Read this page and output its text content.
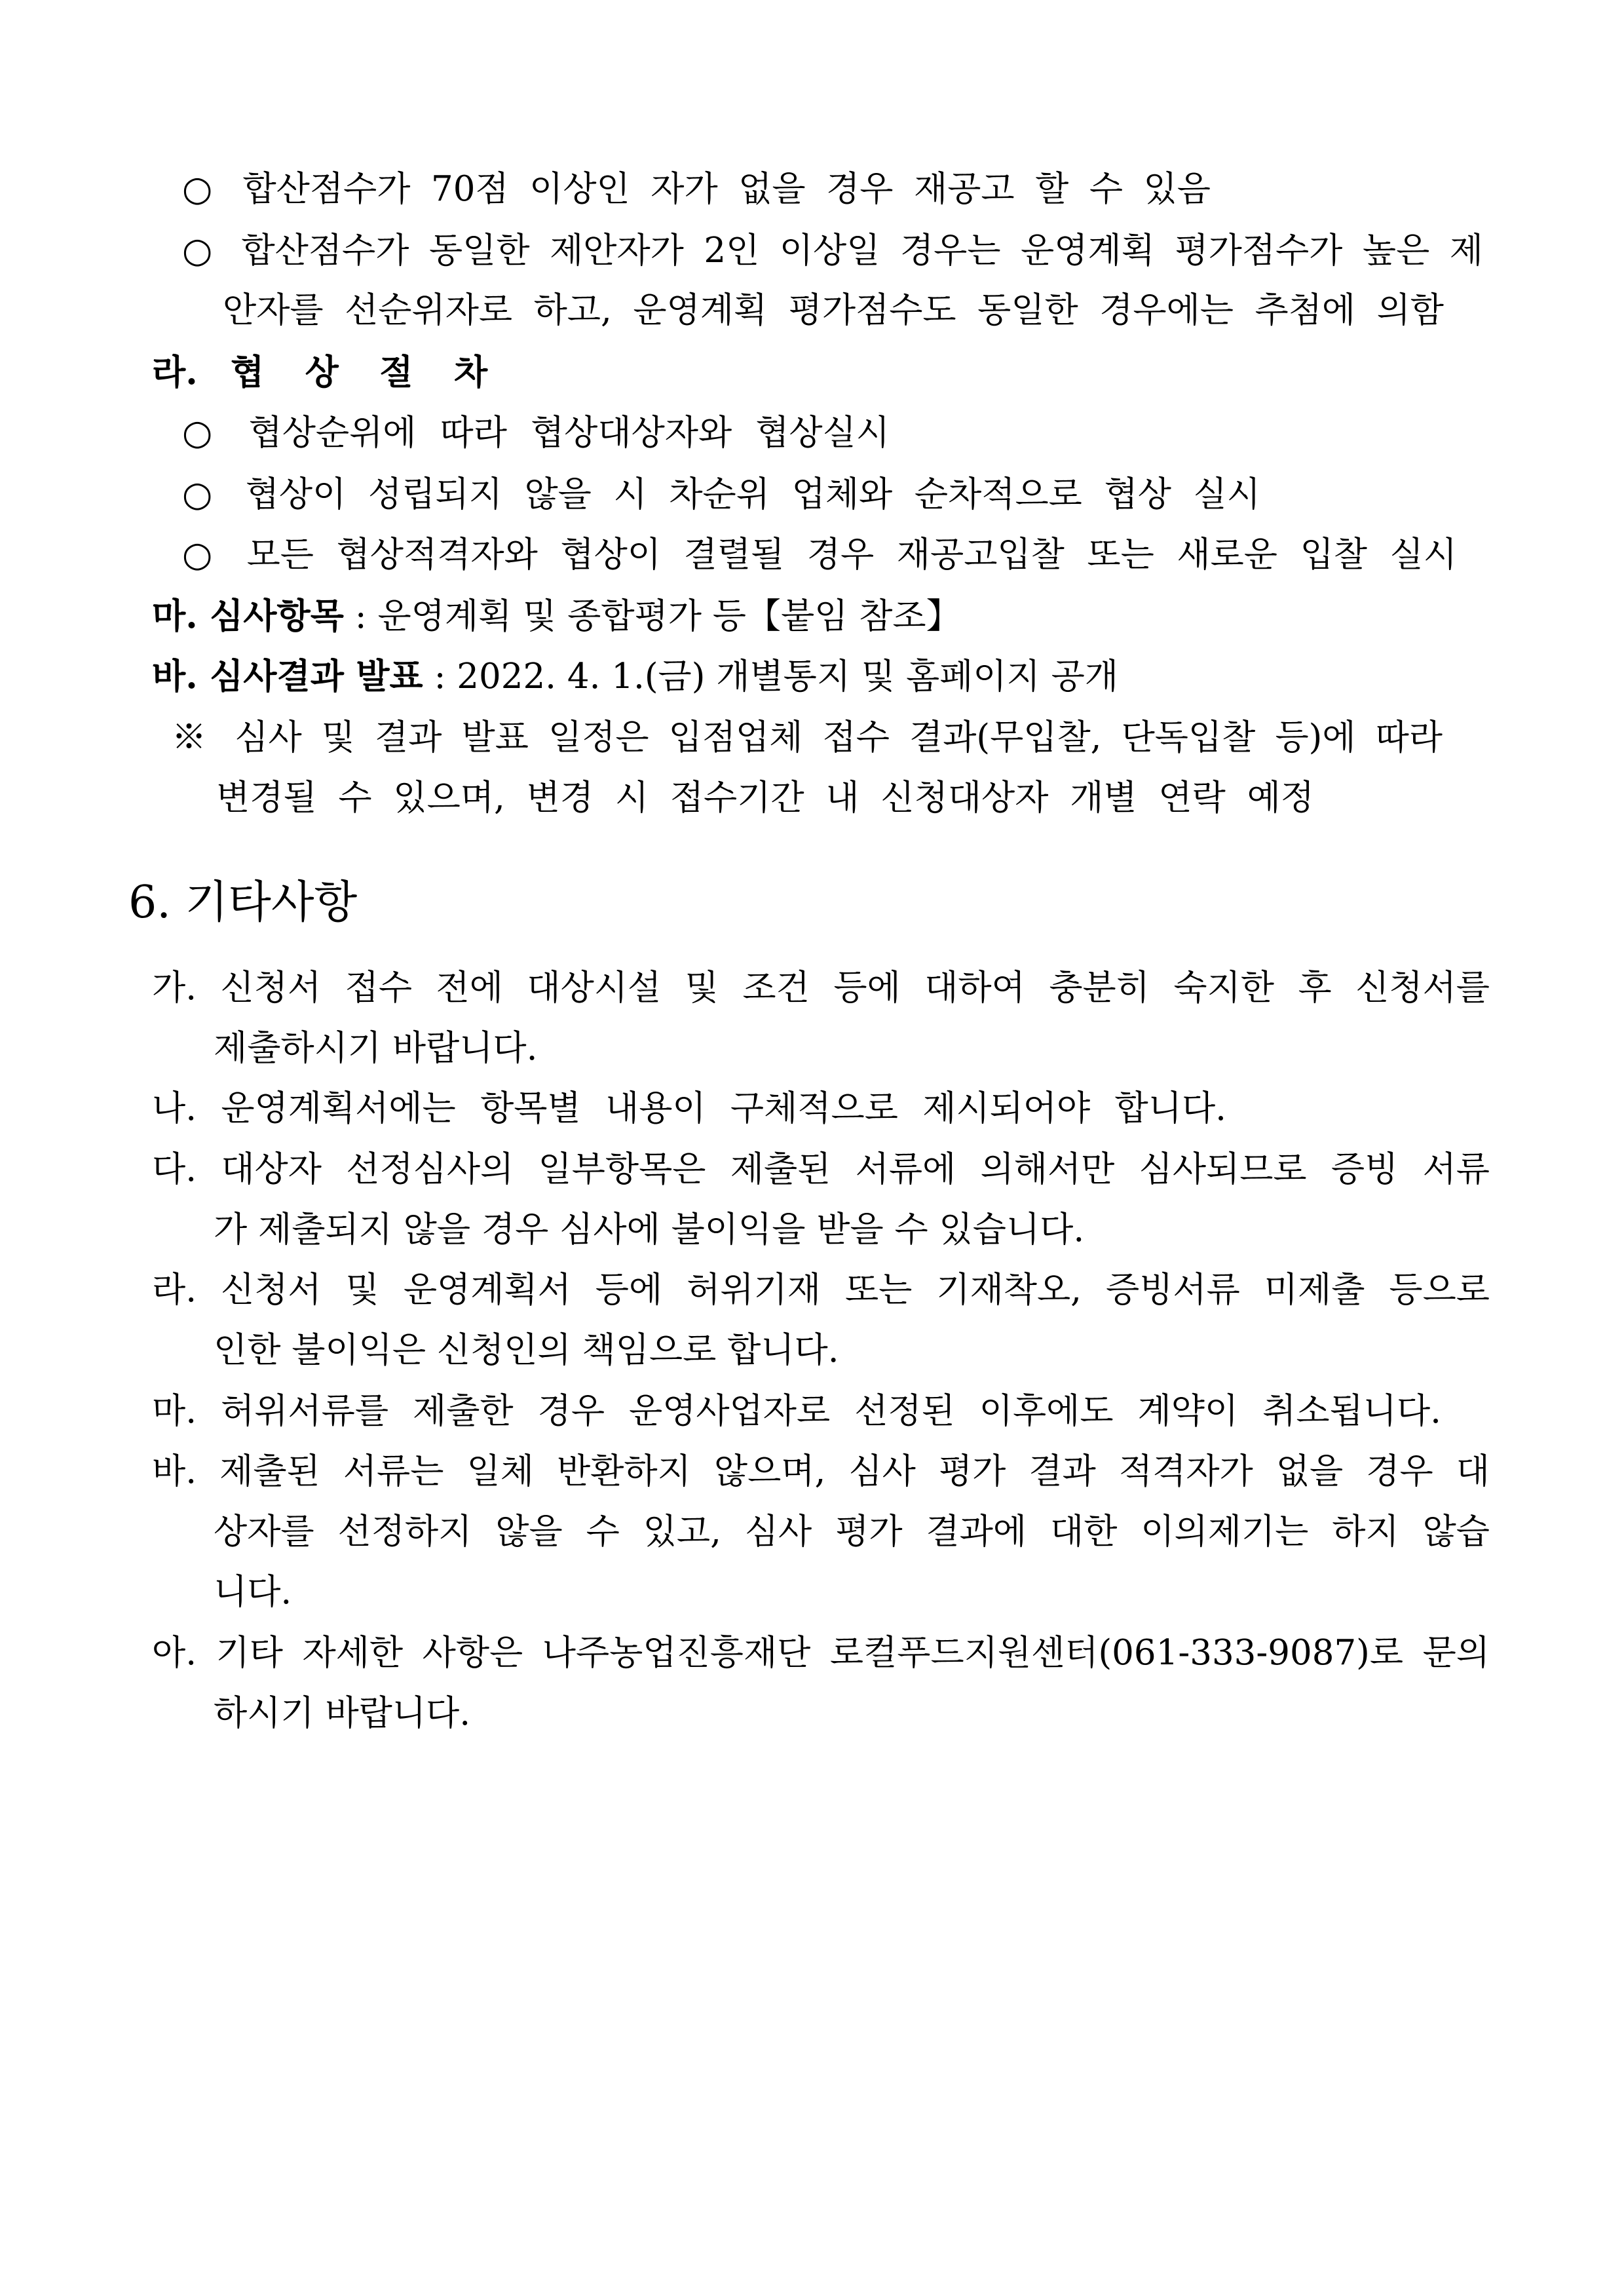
○ 합산점수가 70점 이상인 자가 없을 경우 재공고 할 수 있음
○ 합산점수가 동일한 제안자가 2인 이상일 경우는 운영계획 평가점수가 높은 제
안자를 선순위자로 하고, 운영계획 평가점수도 동일한 경우에는 추첨에 의함
라. 협 상 절 차
○ 협상순위에 따라 협상대상자와 협상실시
○ 협상이 성립되지 않을 시 차순위 업체와 순차적으로 협상 실시
○ 모든 협상적격자와 협상이 결렬될 경우 재공고입찰 또는 새로운 입찰 실시
마. 심사항목 : 운영계획 및 종합평가 등【붙임 참조】
바. 심사결과 발표 : 2022. 4. 1.(금) 개별통지 및 홈페이지 공개
※ 심사 및 결과 발표 일정은 입점업체 접수 결과(무입찰, 단독입찰 등)에 따라
변경될 수 있으며, 변경 시 접수기간 내 신청대상자 개별 연락 예정
6. 기타사항
가. 신청서 접수 전에 대상시설 및 조건 등에 대하여 충분히 숙지한 후 신청서를
제출하시기 바랍니다.
나. 운영계획서에는 항목별 내용이 구체적으로 제시되어야 합니다.
다. 대상자 선정심사의 일부항목은 제출된 서류에 의해서만 심사되므로 증빙 서류
가 제출되지 않을 경우 심사에 불이익을 받을 수 있습니다.
라. 신청서 및 운영계획서 등에 허위기재 또는 기재착오, 증빙서류 미제출 등으로
인한 불이익은 신청인의 책임으로 합니다.
마. 허위서류를 제출한 경우 운영사업자로 선정된 이후에도 계약이 취소됩니다.
바. 제출된 서류는 일체 반환하지 않으며, 심사 평가 결과 적격자가 없을 경우 대
상자를 선정하지 않을 수 있고, 심사 평가 결과에 대한 이의제기는 하지 않습
니다.
아. 기타 자세한 사항은 나주농업진흥재단 로컬푸드지원센터(061-333-9087)로 문의
하시기 바랍니다.
